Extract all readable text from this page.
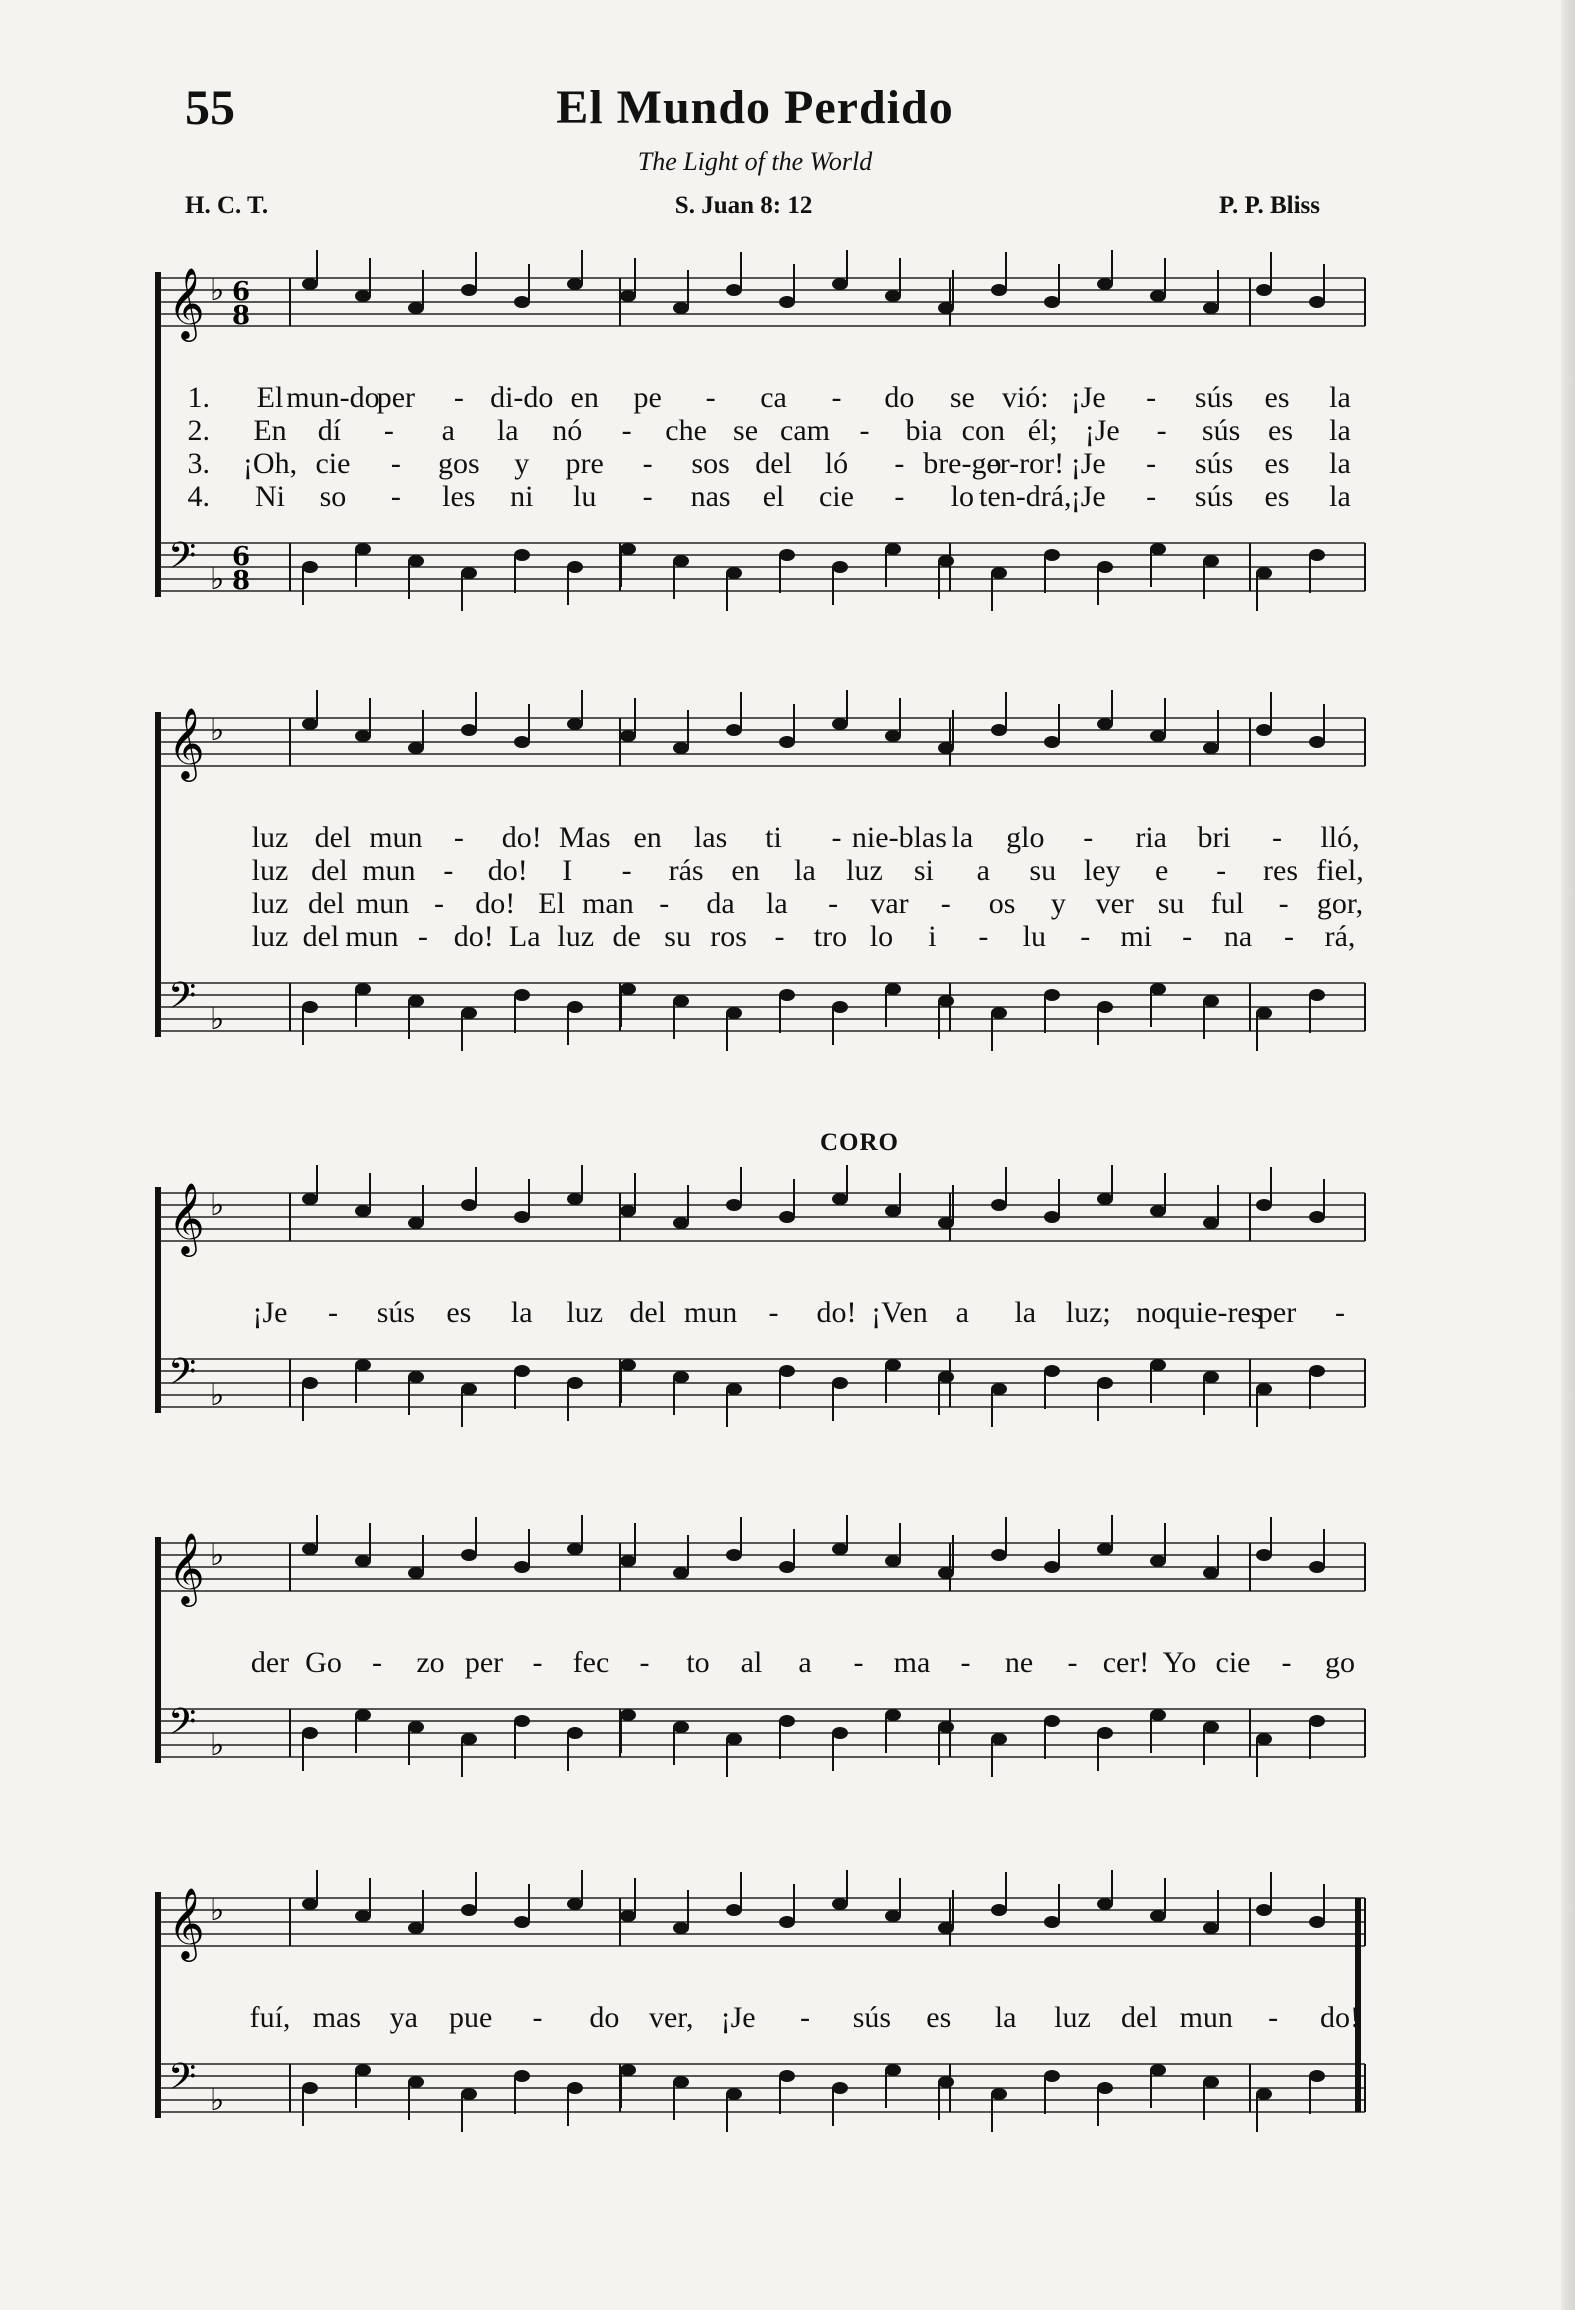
55	El Mundo Perdido
The Light of the World
H. C. T.	S. Juan 8: 12	P. P. Bliss
𝄞 ♭ 6
8
𝄢 ♭
6
8
1. El mun-do
per - di-do en pe - ca - do se vió: ¡Je - sús es la
2. En dí - a la nó - che se cam - bia con él; ¡Je - sús es la
3. ¡Oh, cie - gos y pre - sos del ló - bre-go
er-ror! ¡Je - sús es la
4. Ni so - les ni lu - nas el cie - lo ten-drá, ¡Je - sús es la
𝄞 ♭
𝄢 ♭
luz del mun - do! Mas en las ti - nie-blas la glo - ria bri - lló,
luz del mun - do! I - rás en la luz si a su ley e - res fiel,
luz del mun - do! El man - da la - var - os y ver su ful - gor,
luz del mun - do! La luz de su ros - tro lo i - lu - mi - na - rá,
𝄞 ♭
𝄢 ♭
CORO
¡Je - sús es la luz del mun - do! ¡Ven a la luz; no quie-res
per -
𝄞 ♭
𝄢 ♭
der Go - zo per - fec - to al a - ma - ne - cer! Yo cie - go
𝄞 ♭
𝄢 ♭
fuí, mas ya pue - do ver, ¡Je - sús es la luz del mun - do!
